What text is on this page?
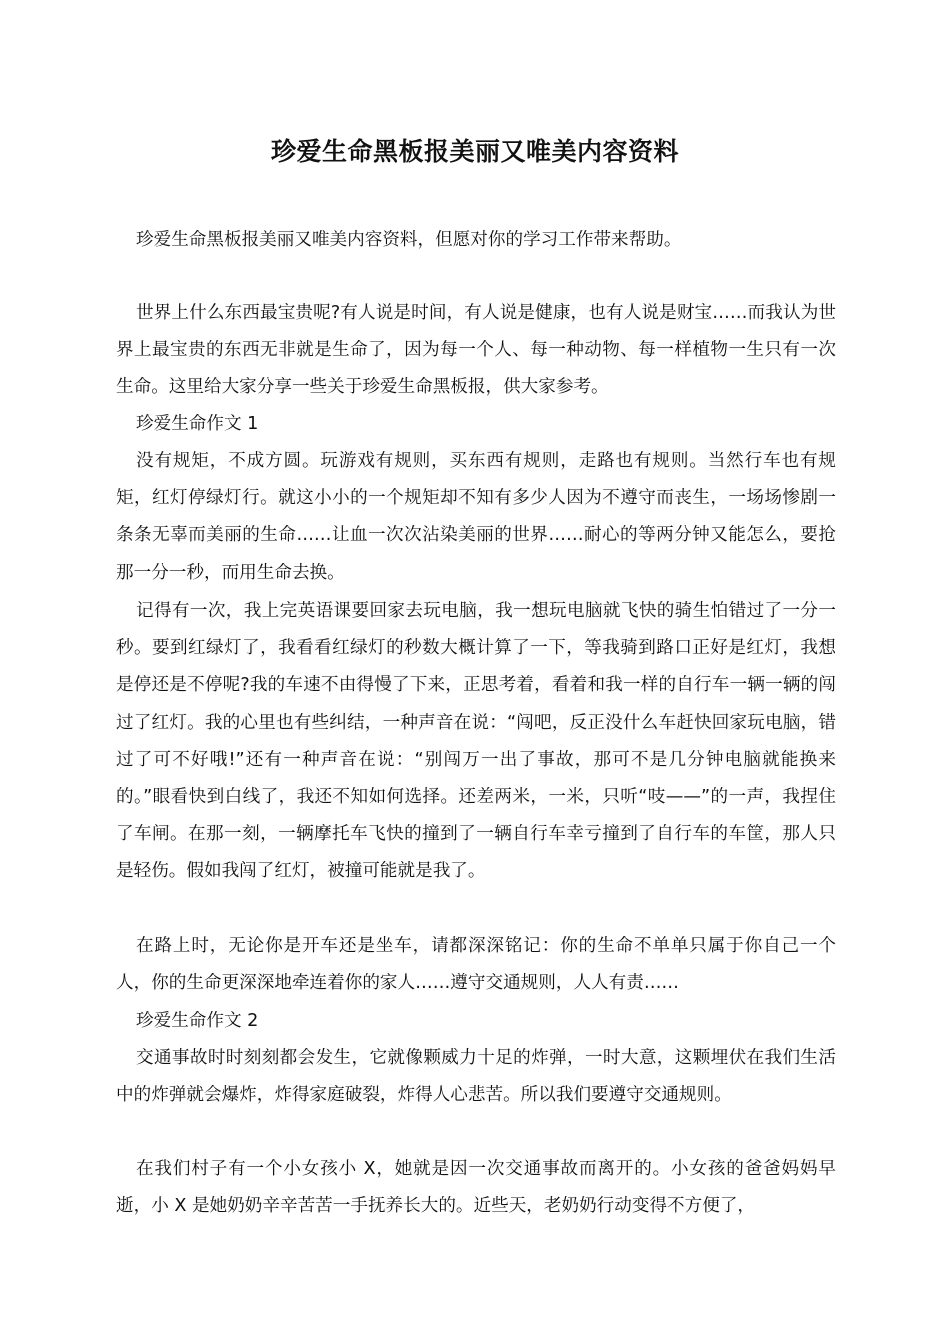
珍爱生命黑板报美丽又唯美内容资料

珍爱生命黑板报美丽又唯美内容资料，但愿对你的学习工作带来帮助。

世界上什么东西最宝贵呢?有人说是时间，有人说是健康，也有人说是财宝……而我认为世界上最宝贵的东西无非就是生命了，因为每一个人、每一种动物、每一样植物一生只有一次生命。这里给大家分享一些关于珍爱生命黑板报，供大家参考。

珍爱生命作文 1

没有规矩，不成方圆。玩游戏有规则，买东西有规则，走路也有规则。当然行车也有规矩，红灯停绿灯行。就这小小的一个规矩却不知有多少人因为不遵守而丧生，一场场惨剧一条条无辜而美丽的生命……让血一次次沾染美丽的世界……耐心的等两分钟又能怎么，要抢那一分一秒，而用生命去换。

记得有一次，我上完英语课要回家去玩电脑，我一想玩电脑就飞快的骑生怕错过了一分一秒。要到红绿灯了，我看看红绿灯的秒数大概计算了一下，等我骑到路口正好是红灯，我想是停还是不停呢?我的车速不由得慢了下来，正思考着，看着和我一样的自行车一辆一辆的闯过了红灯。我的心里也有些纠结，一种声音在说：“闯吧，反正没什么车赶快回家玩电脑，错过了可不好哦!”还有一种声音在说：“别闯万一出了事故，那可不是几分钟电脑就能换来的。”眼看快到白线了，我还不知如何选择。还差两米，一米，只听“吱——”的一声，我捏住了车闸。在那一刻，一辆摩托车飞快的撞到了一辆自行车幸亏撞到了自行车的车筐，那人只是轻伤。假如我闯了红灯，被撞可能就是我了。

在路上时，无论你是开车还是坐车，请都深深铭记：你的生命不单单只属于你自己一个人，你的生命更深深地牵连着你的家人……遵守交通规则，人人有责……

珍爱生命作文 2

交通事故时时刻刻都会发生，它就像颗威力十足的炸弹，一时大意，这颗埋伏在我们生活中的炸弹就会爆炸，炸得家庭破裂，炸得人心悲苦。所以我们要遵守交通规则。

在我们村子有一个小女孩小 X，她就是因一次交通事故而离开的。小女孩的爸爸妈妈早逝，小 X 是她奶奶辛辛苦苦一手抚养长大的。近些天，老奶奶行动变得不方便了，
